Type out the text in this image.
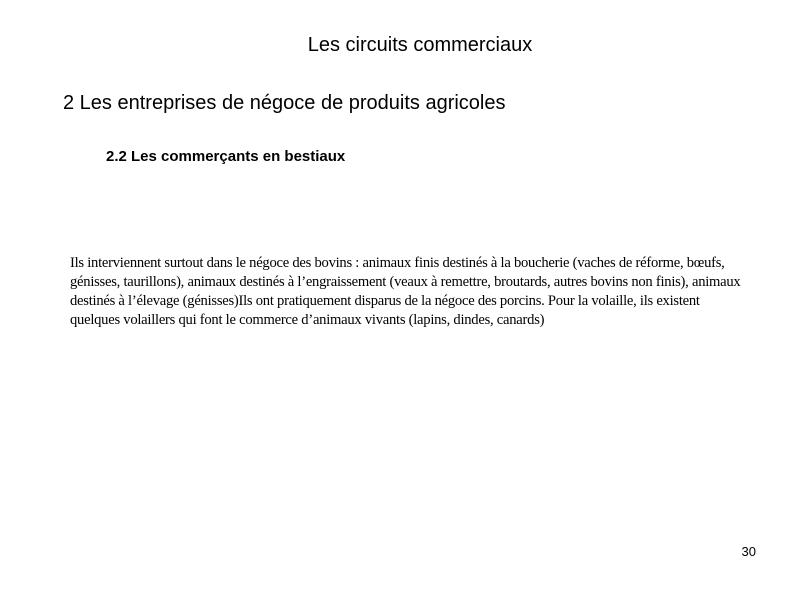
Les circuits commerciaux
2 Les entreprises de négoce de produits agricoles
2.2 Les commerçants en bestiaux

Ils interviennent surtout dans le négoce des bovins : animaux finis destinés à la boucherie (vaches de réforme, bœufs, génisses, taurillons), animaux destinés à l’engraissement (veaux à remettre, broutards, autres bovins non finis), animaux destinés à l’élevage (génisses)Ils ont pratiquement disparus de la négoce des porcins. Pour la volaille, ils existent quelques volaillers qui font le commerce d’animaux vivants (lapins, dindes, canards)

30
